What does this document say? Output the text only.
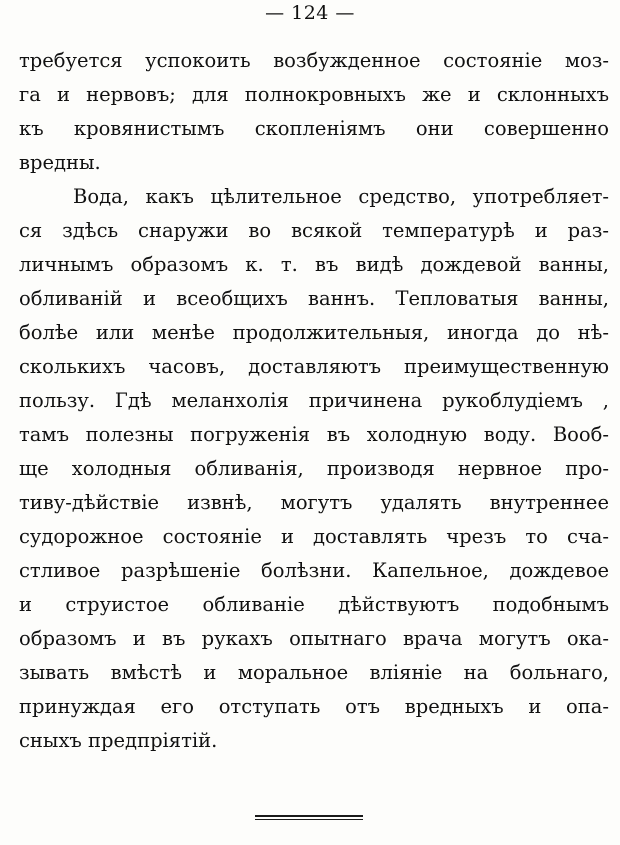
— 124 —
требуется успокоить возбужденное состояніе моз-
га и нервовъ; для полнокровныхъ же и склонныхъ
къ кровянистымъ скопленіямъ они совершенно
вредны.
Вода, какъ цѣлительное средство, употребляет-
ся здѣсь снаружи во всякой температурѣ и раз-
личнымъ образомъ к. т. въ видѣ дождевой ванны,
обливаній и всеобщихъ ваннъ. Тепловатыя ванны,
болѣе или менѣе продолжительныя, иногда до нѣ-
сколькихъ часовъ, доставляютъ преимущественную
пользу. Гдѣ меланхолія причинена рукоблудіемъ ,
тамъ полезны погруженія въ холодную воду. Вооб-
ще холодныя обливанія, производя нервное про-
тиву-дѣйствіе извнѣ, могутъ удалять внутреннее
судорожное состояніе и доставлять чрезъ то сча-
стливое разрѣшеніе болѣзни. Капельное, дождевое
и струистое обливаніе дѣйствуютъ подобнымъ
образомъ и въ рукахъ опытнаго врача могутъ ока-
зывать вмѣстѣ и моральное вліяніе на больнаго,
принуждая его отступать отъ вредныхъ и опа-
сныхъ предпріятій.
